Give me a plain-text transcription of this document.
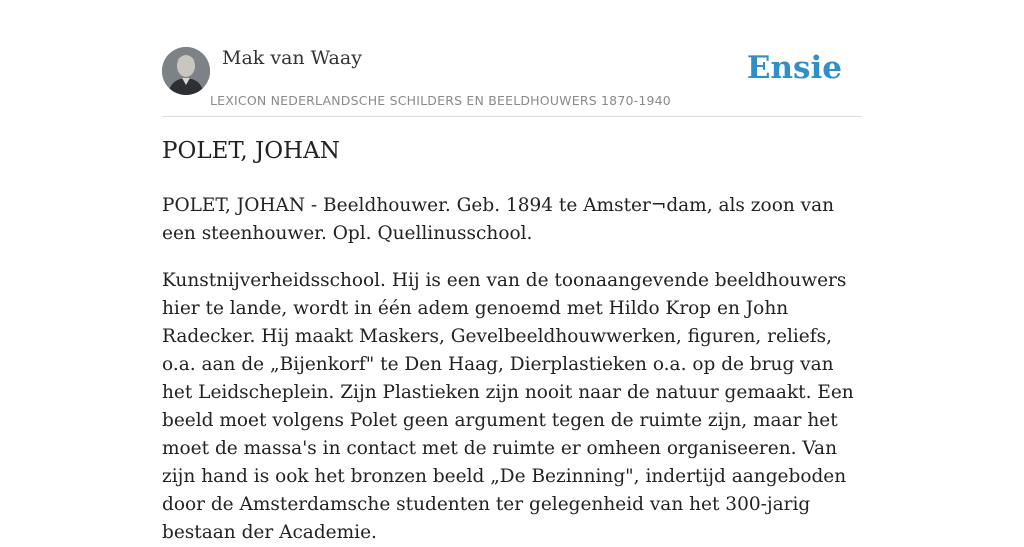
Mak van Waay
LEXICON NEDERLANDSCHE SCHILDERS EN BEELDHOUWERS 1870-1940
Ensie
POLET, JOHAN

POLET, JOHAN - Beeldhouwer. Geb. 1894 te Amster¬dam, als zoon van een steenhouwer. Opl. Quellinusschool.

Kunstnijverheidsschool. Hij is een van de toonaangevende beeldhouwers hier te lande, wordt in één adem genoemd met Hildo Krop en John Radecker. Hij maakt Maskers, Gevelbeeldhouwwerken, figuren, reliefs, o.a. aan de „Bijenkorf" te Den Haag, Dierplastieken o.a. op de brug van het Leidscheplein. Zijn Plastieken zijn nooit naar de natuur gemaakt. Een beeld moet volgens Polet geen argument tegen de ruimte zijn, maar het moet de massa's in contact met de ruimte er omheen organiseeren. Van zijn hand is ook het bronzen beeld „De Bezinning", indertijd aangeboden door de Amsterdamsche studenten ter gelegenheid van het 300-jarig bestaan der Academie.
